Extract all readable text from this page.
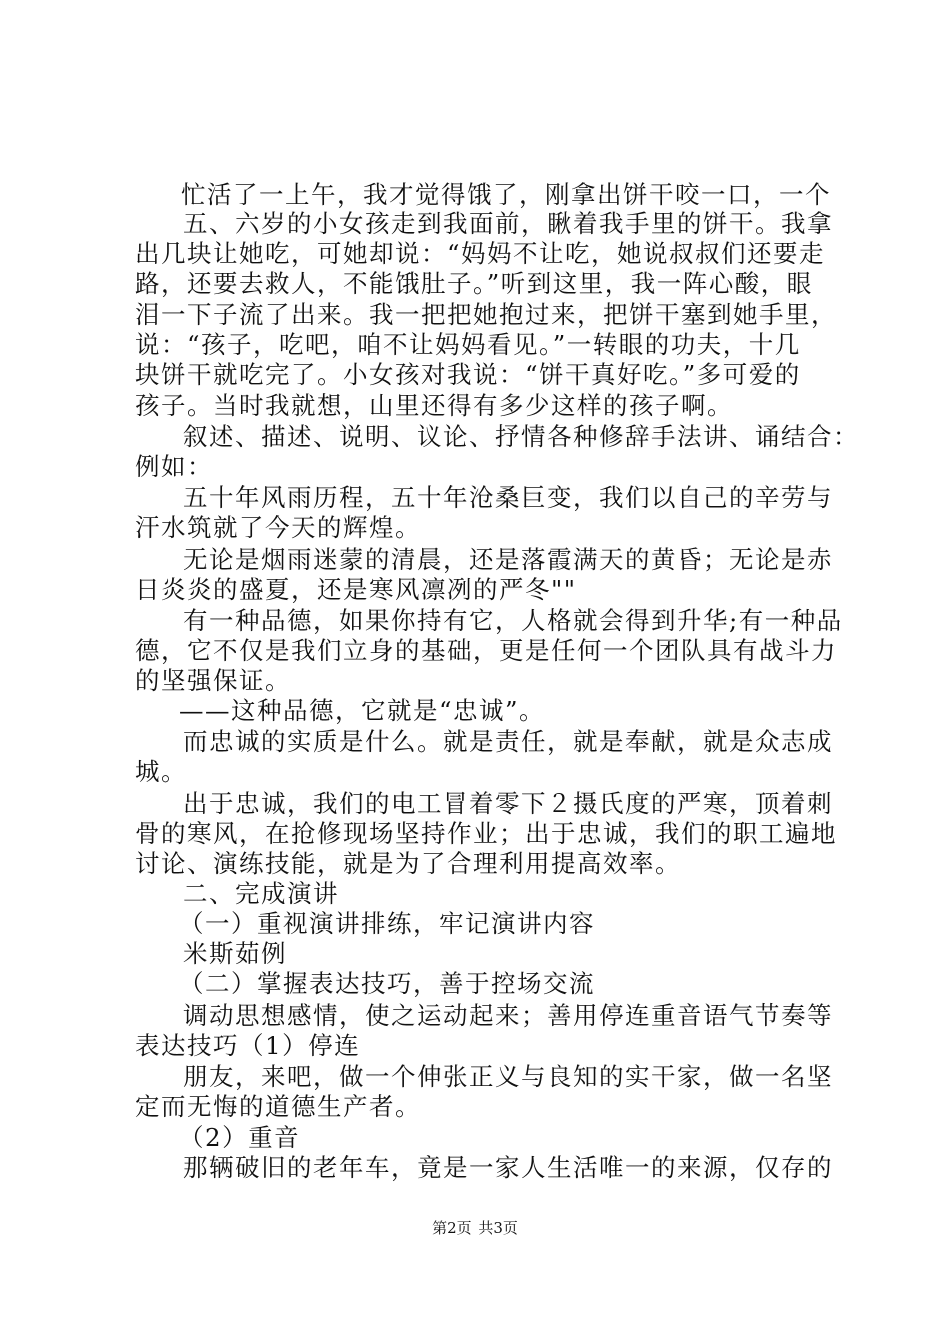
忙活了一上午，我才觉得饿了，刚拿出饼干咬一口，一个
五、六岁的小女孩走到我面前，瞅着我手里的饼干。我拿
出几块让她吃，可她却说：“妈妈不让吃，她说叔叔们还要走
路，还要去救人，不能饿肚子。”听到这里，我一阵心酸，眼
泪一下子流了出来。我一把把她抱过来，把饼干塞到她手里，
说：“孩子，吃吧，咱不让妈妈看见。”一转眼的功夫，十几
块饼干就吃完了。小女孩对我说：“饼干真好吃。”多可爱的
孩子。当时我就想，山里还得有多少这样的孩子啊。
叙述、描述、说明、议论、抒情各种修辞手法讲、诵结合：
例如：
五十年风雨历程，五十年沧桑巨变，我们以自己的辛劳与
汗水筑就了今天的辉煌。
无论是烟雨迷蒙的清晨，还是落霞满天的黄昏；无论是赤
日炎炎的盛夏，还是寒风凛冽的严冬""
有一种品德，如果你持有它，人格就会得到升华;有一种品
德，它不仅是我们立身的基础，更是任何一个团队具有战斗力
的坚强保证。
——这种品德，它就是“忠诚”。
而忠诚的实质是什么。就是责任，就是奉献，就是众志成
城。
出于忠诚，我们的电工冒着零下２摄氏度的严寒，顶着刺
骨的寒风，在抢修现场坚持作业；出于忠诚，我们的职工遍地
讨论、演练技能，就是为了合理利用提高效率。
二、完成演讲
（一）重视演讲排练，牢记演讲内容
米斯茹例
（二）掌握表达技巧，善于控场交流
调动思想感情，使之运动起来；善用停连重音语气节奏等
表达技巧（1）停连
朋友，来吧，做一个伸张正义与良知的实干家，做一名坚
定而无悔的道德生产者。
（2）重音
那辆破旧的老年车，竟是一家人生活唯一的来源，仅存的
第2页 共3页
